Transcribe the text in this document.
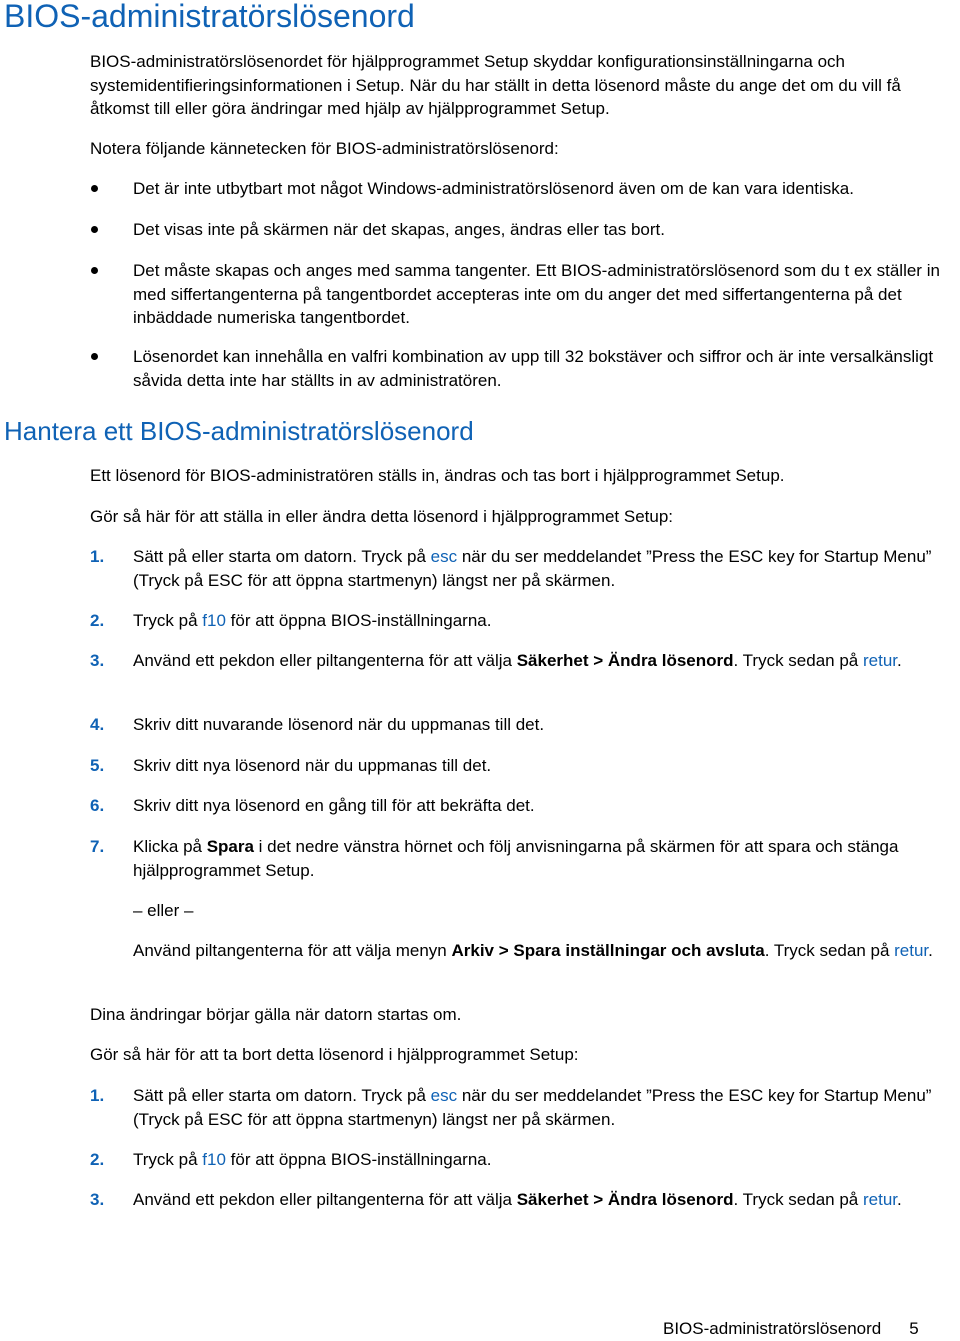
BIOS-administratörslösenord

BIOS-administratörslösenordet för hjälpprogrammet Setup skyddar konfigurationsinställningarna och systemidentifieringsinformationen i Setup. När du har ställt in detta lösenord måste du ange det om du vill få åtkomst till eller göra ändringar med hjälp av hjälpprogrammet Setup.

Notera följande kännetecken för BIOS-administratörslösenord:

Det är inte utbytbart mot något Windows-administratörslösenord även om de kan vara identiska.
Det visas inte på skärmen när det skapas, anges, ändras eller tas bort.
Det måste skapas och anges med samma tangenter. Ett BIOS-administratörslösenord som du t ex ställer in med siffertangenterna på tangentbordet accepteras inte om du anger det med siffertangenterna på det inbäddade numeriska tangentbordet.
Lösenordet kan innehålla en valfri kombination av upp till 32 bokstäver och siffror och är inte versalkänsligt såvida detta inte har ställts in av administratören.
Hantera ett BIOS-administratörslösenord

Ett lösenord för BIOS-administratören ställs in, ändras och tas bort i hjälpprogrammet Setup.

Gör så här för att ställa in eller ändra detta lösenord i hjälpprogrammet Setup:

1. Sätt på eller starta om datorn. Tryck på esc när du ser meddelandet ”Press the ESC key for Startup Menu” (Tryck på ESC för att öppna startmenyn) längst ner på skärmen.
2. Tryck på f10 för att öppna BIOS-inställningarna.
3. Använd ett pekdon eller piltangenterna för att välja Säkerhet > Ändra lösenord. Tryck sedan på retur.
4. Skriv ditt nuvarande lösenord när du uppmanas till det.
5. Skriv ditt nya lösenord när du uppmanas till det.
6. Skriv ditt nya lösenord en gång till för att bekräfta det.
7. Klicka på Spara i det nedre vänstra hörnet och följ anvisningarna på skärmen för att spara och stänga hjälpprogrammet Setup.
– eller –
Använd piltangenterna för att välja menyn Arkiv > Spara inställningar och avsluta. Tryck sedan på retur.

Dina ändringar börjar gälla när datorn startas om.

Gör så här för att ta bort detta lösenord i hjälpprogrammet Setup:

1. Sätt på eller starta om datorn. Tryck på esc när du ser meddelandet ”Press the ESC key for Startup Menu” (Tryck på ESC för att öppna startmenyn) längst ner på skärmen.
2. Tryck på f10 för att öppna BIOS-inställningarna.
3. Använd ett pekdon eller piltangenterna för att välja Säkerhet > Ändra lösenord. Tryck sedan på retur.
BIOS-administratörslösenord 5
